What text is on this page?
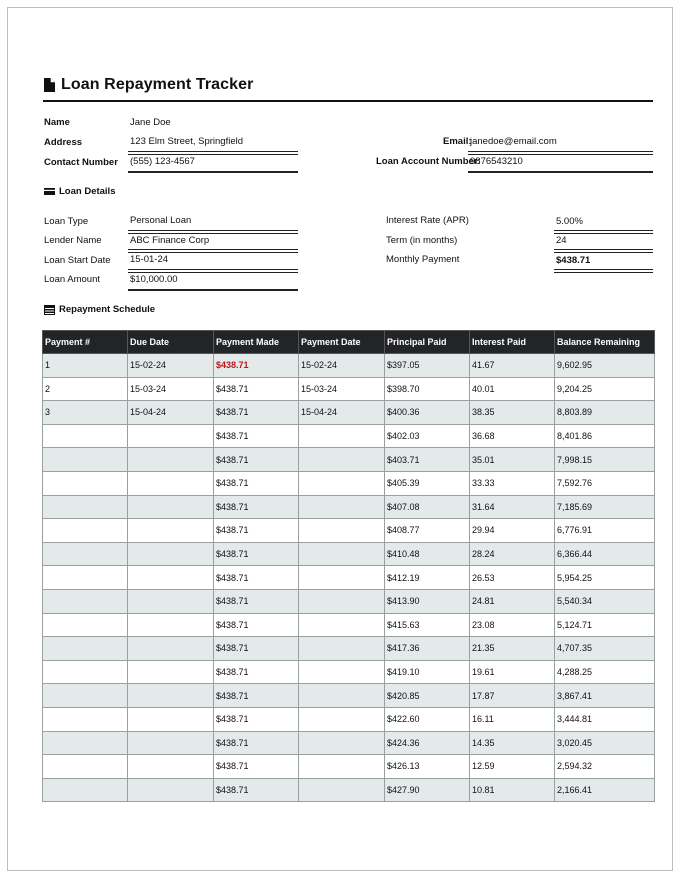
Loan Repayment Tracker
Name	Jane Doe
Address	123 Elm Street, Springfield
Contact Number (555) 123-4567
Email:
janedoe@email.com
Loan Account Number:
9876543210
Loan Details
Loan Type	Personal Loan
Lender Name	ABC Finance Corp
Loan Start Date 15-01-24
Loan Amount	$10,000.00
Interest Rate (APR)	5.00%
Term (in months)	24
Monthly Payment	$438.71
Repayment Schedule
Payment #	Due Date	Payment Made	Payment Date	Principal Paid	Interest Paid	Balance Remaining
1	15-02-24	$438.71	15-02-24	$397.05	41.67	9,602.95
2	15-03-24	$438.71	15-03-24	$398.70	40.01	9,204.25
3	15-04-24	$438.71	15-04-24	$400.36	38.35	8,803.89
		$438.71		$402.03	36.68	8,401.86
		$438.71		$403.71	35.01	7,998.15
		$438.71		$405.39	33.33	7,592.76
		$438.71		$407.08	31.64	7,185.69
		$438.71		$408.77	29.94	6,776.91
		$438.71		$410.48	28.24	6,366.44
		$438.71		$412.19	26.53	5,954.25
		$438.71		$413.90	24.81	5,540.34
		$438.71		$415.63	23.08	5,124.71
		$438.71		$417.36	21.35	4,707.35
		$438.71		$419.10	19.61	4,288.25
		$438.71		$420.85	17.87	3,867.41
		$438.71		$422.60	16.11	3,444.81
		$438.71		$424.36	14.35	3,020.45
		$438.71		$426.13	12.59	2,594.32
		$438.71		$427.90	10.81	2,166.41
